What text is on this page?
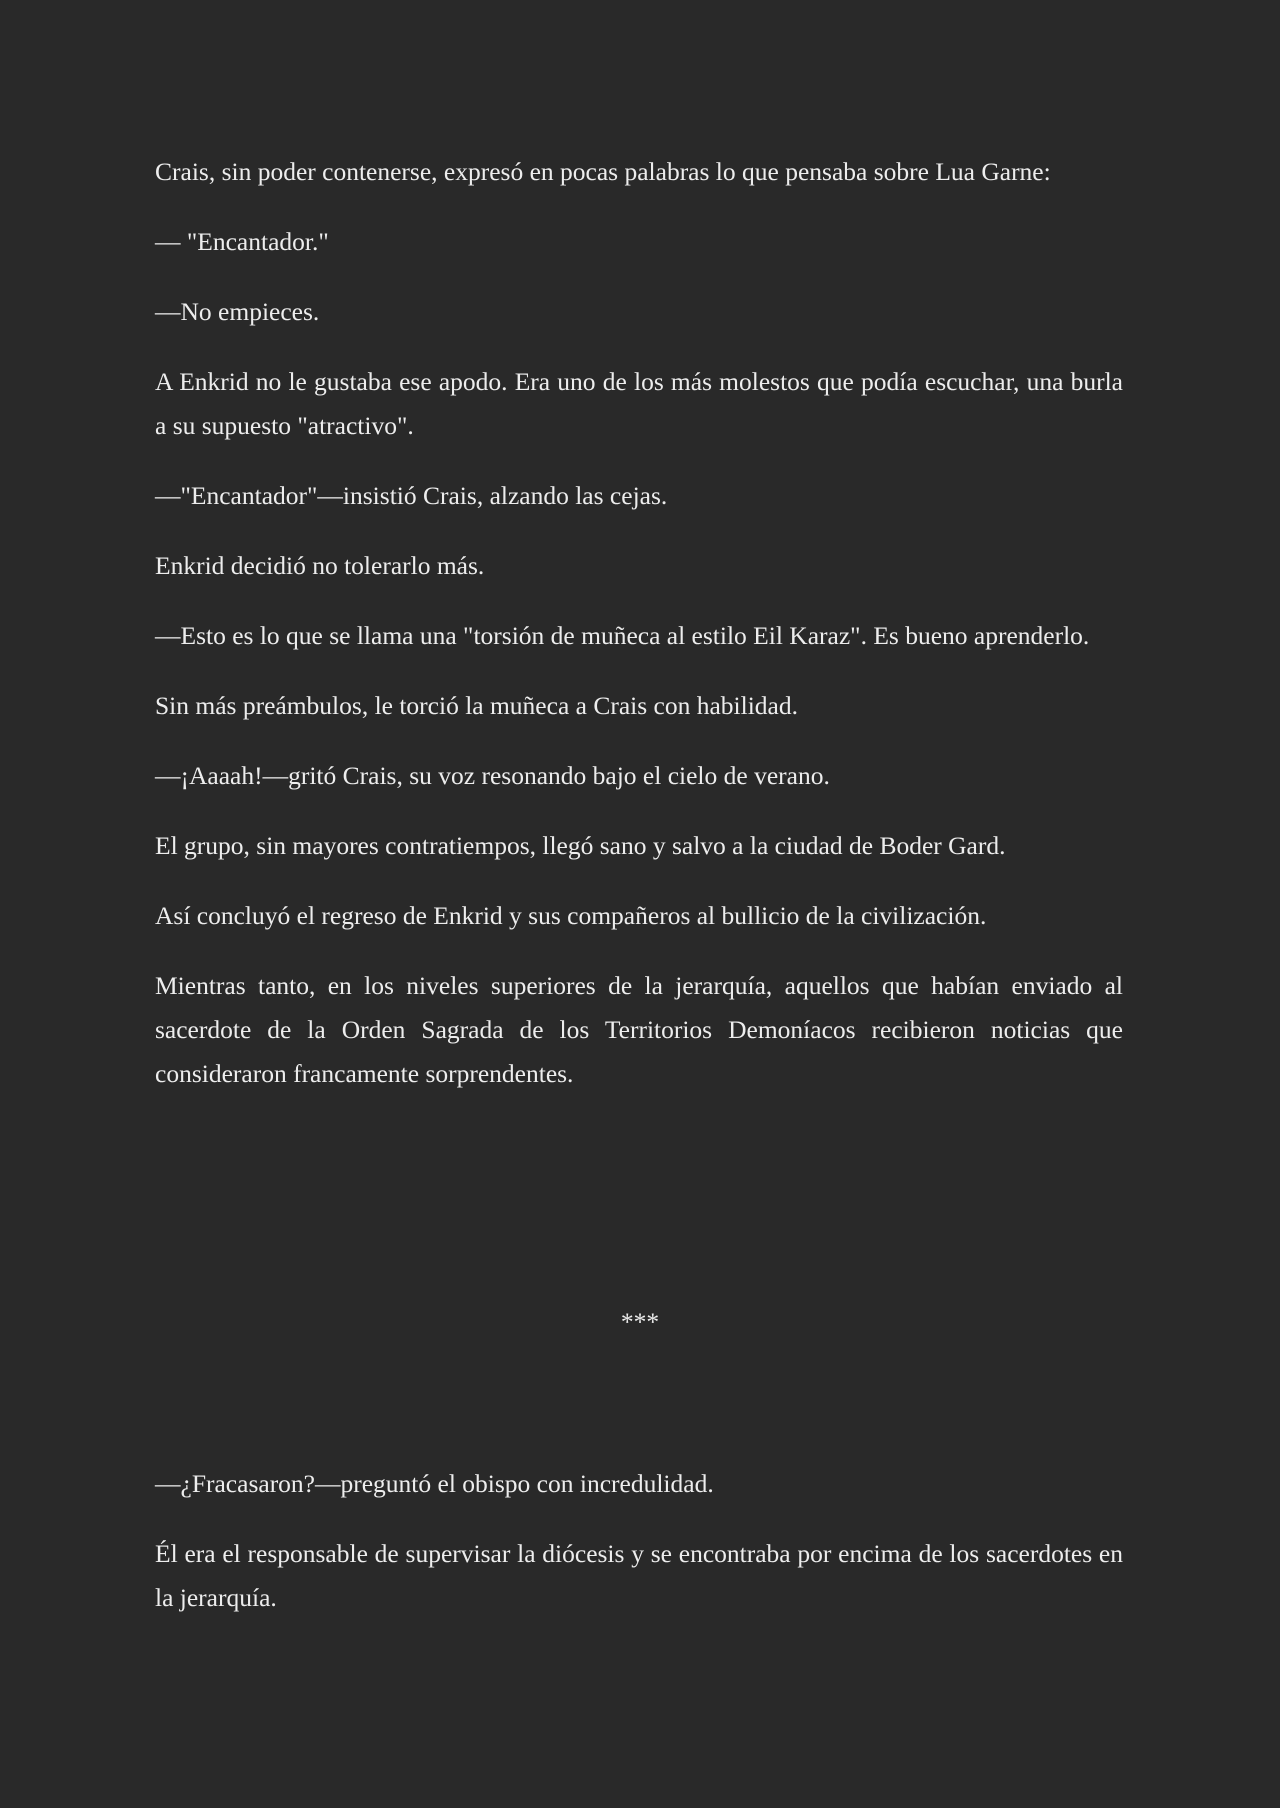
Crais, sin poder contenerse, expresó en pocas palabras lo que pensaba sobre Lua Garne:

— "Encantador."

—No empieces.

A Enkrid no le gustaba ese apodo. Era uno de los más molestos que podía escuchar, una burla a su supuesto "atractivo".

—"Encantador"—insistió Crais, alzando las cejas.

Enkrid decidió no tolerarlo más.

—Esto es lo que se llama una "torsión de muñeca al estilo Eil Karaz". Es bueno aprenderlo.

Sin más preámbulos, le torció la muñeca a Crais con habilidad.

—¡Aaaah!—gritó Crais, su voz resonando bajo el cielo de verano.

El grupo, sin mayores contratiempos, llegó sano y salvo a la ciudad de Boder Gard.

Así concluyó el regreso de Enkrid y sus compañeros al bullicio de la civilización.

Mientras tanto, en los niveles superiores de la jerarquía, aquellos que habían enviado al sacerdote de la Orden Sagrada de los Territorios Demoníacos recibieron noticias que consideraron francamente sorprendentes.

***

—¿Fracasaron?—preguntó el obispo con incredulidad.

Él era el responsable de supervisar la diócesis y se encontraba por encima de los sacerdotes en la jerarquía.
